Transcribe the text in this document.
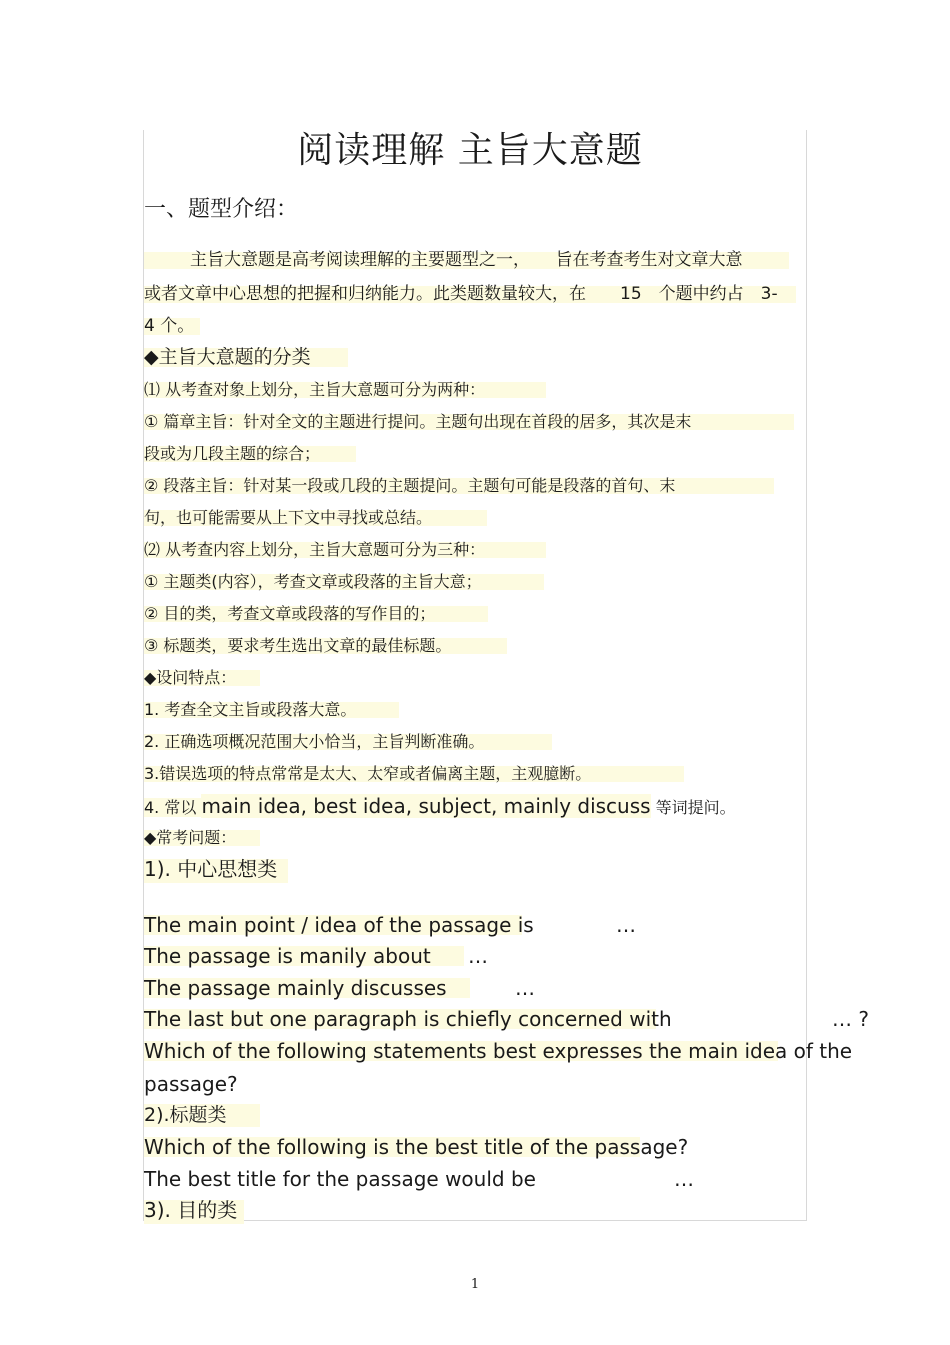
阅读理解 主旨大意题
一、题型介绍：
主旨大意题是高考阅读理解的主要题型之一，　　旨在考查考生对文章大意
或者文章中心思想的把握和归纳能力。此类题数量较大，在　　15　个题中约占　3-
4 个。
◆主旨大意题的分类
⑴ 从考查对象上划分，主旨大意题可分为两种：
① 篇章主旨：针对全文的主题进行提问。主题句出现在首段的居多，其次是末
段或为几段主题的综合；
② 段落主旨：针对某一段或几段的主题提问。主题句可能是段落的首句、末
句，也可能需要从上下文中寻找或总结。
⑵ 从考查内容上划分，主旨大意题可分为三种：
① 主题类(内容），考查文章或段落的主旨大意；
② 目的类，考查文章或段落的写作目的；
③ 标题类，要求考生选出文章的最佳标题。
◆设问特点：
1. 考查全文主旨或段落大意。
2. 正确选项概况范围大小恰当，主旨判断准确。
3.错误选项的特点常常是太大、太窄或者偏离主题，主观臆断。
4. 常以 main idea, best idea, subject, mainly discuss 等词提问。
◆常考问题：
1). 中心思想类
The main point / idea of the passage is	…
The passage is manily about	…
The passage mainly discusses	…
The last but one paragraph is chiefly concerned with	… ?
Which of the following statements best expresses the main idea of the
passage?
2).标题类
Which of the following is the best title of the passage?
The best title for the passage would be	…
3). 目的类
1
